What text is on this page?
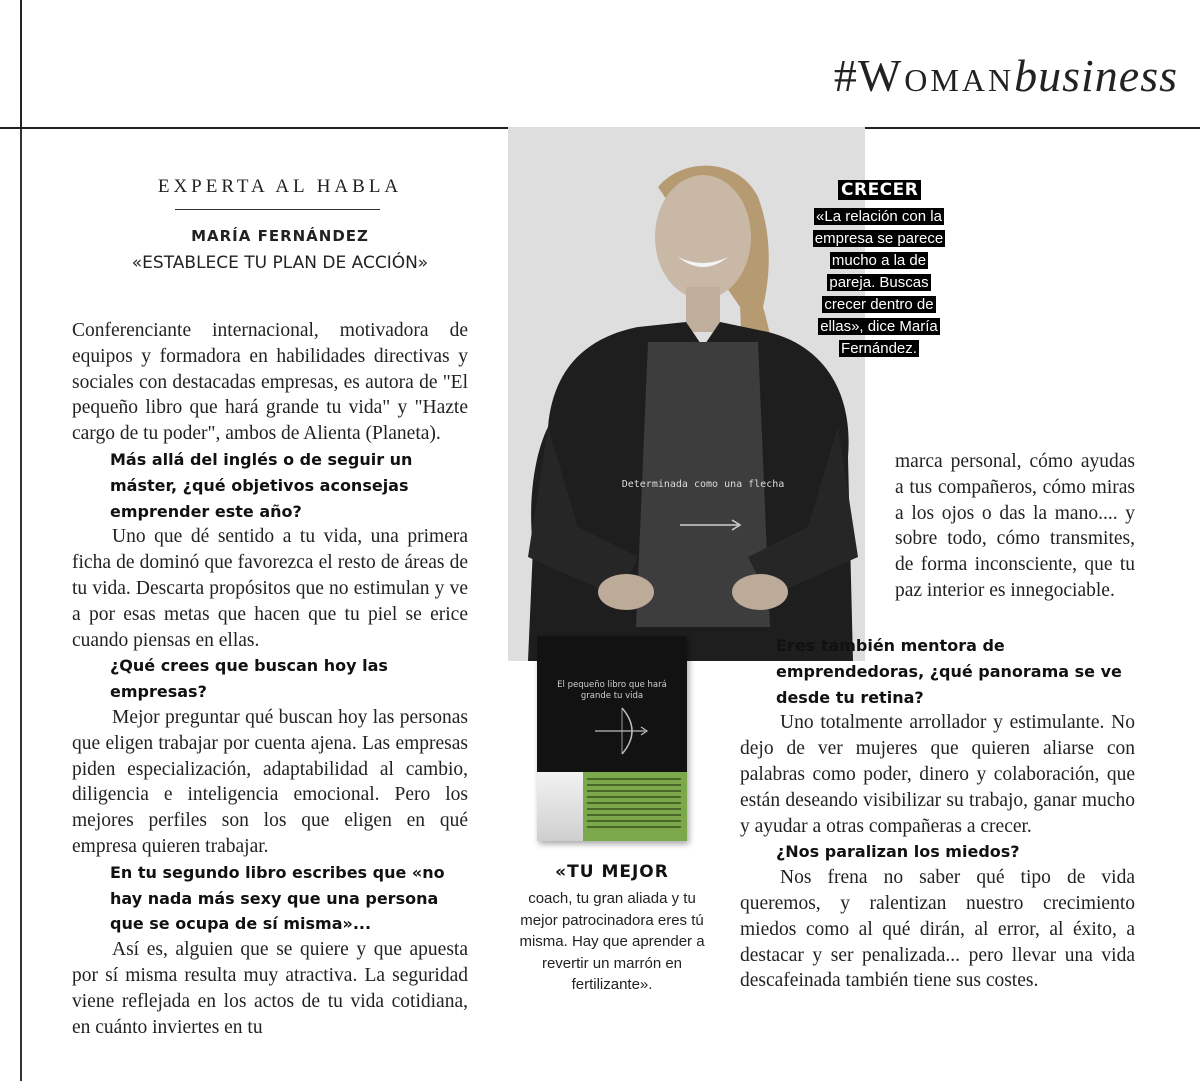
#Womanbusiness
EXPERTA AL HABLA
MARÍA FERNÁNDEZ
«ESTABLECE TU PLAN DE ACCIÓN»

Conferenciante internacional, motivadora de equipos y formadora en habilidades directivas y sociales con destacadas empresas, es autora de "El pequeño libro que hará grande tu vida" y "Hazte cargo de tu poder", ambos de Alienta (Planeta).

Más allá del inglés o de seguir un máster, ¿qué objetivos aconsejas emprender este año?

Uno que dé sentido a tu vida, una primera ficha de dominó que favorezca el resto de áreas de tu vida. Descarta propósitos que no estimulan y ve a por esas metas que hacen que tu piel se erice cuando piensas en ellas.

¿Qué crees que buscan hoy las empresas?

Mejor preguntar qué buscan hoy las personas que eligen trabajar por cuenta ajena. Las empresas piden especialización, adaptabilidad al cambio, diligencia e inteligencia emocional. Pero los mejores perfiles son los que eligen en qué empresa quieren trabajar.

En tu segundo libro escribes que «no hay nada más sexy que una persona que se ocupa de sí misma»...

Así es, alguien que se quiere y que apuesta por sí misma resulta muy atractiva. La seguridad viene reflejada en los actos de tu vida cotidiana, en cuánto inviertes en tu

Determinada como una flecha
CRECER
«La relación con la
empresa se parece
mucho a la de
pareja. Buscas
crecer dentro de
ellas», dice María
Fernández.

marca personal, cómo ayudas a tus compañeros, cómo miras a los ojos o das la mano.... y sobre todo, cómo transmites, de forma inconsciente, que tu paz interior es innegociable.

Eres también mentora de emprendedoras, ¿qué panorama se ve desde tu retina?

Uno totalmente arrollador y estimulante. No dejo de ver mujeres que quieren aliarse con palabras como poder, dinero y colaboración, que están deseando visibilizar su trabajo, ganar mucho y ayudar a otras compañeras a crecer.

¿Nos paralizan los miedos?

Nos frena no saber qué tipo de vida queremos, y ralentizan nuestro crecimiento miedos como al qué dirán, al error, al éxito, a destacar y ser penalizada... pero llevar una vida descafeinada también tiene sus costes.

El pequeño libro que hará grande tu vida
«TU MEJOR
coach, tu gran aliada y tu mejor patrocinadora eres tú misma. Hay que aprender a revertir un marrón en fertilizante».
